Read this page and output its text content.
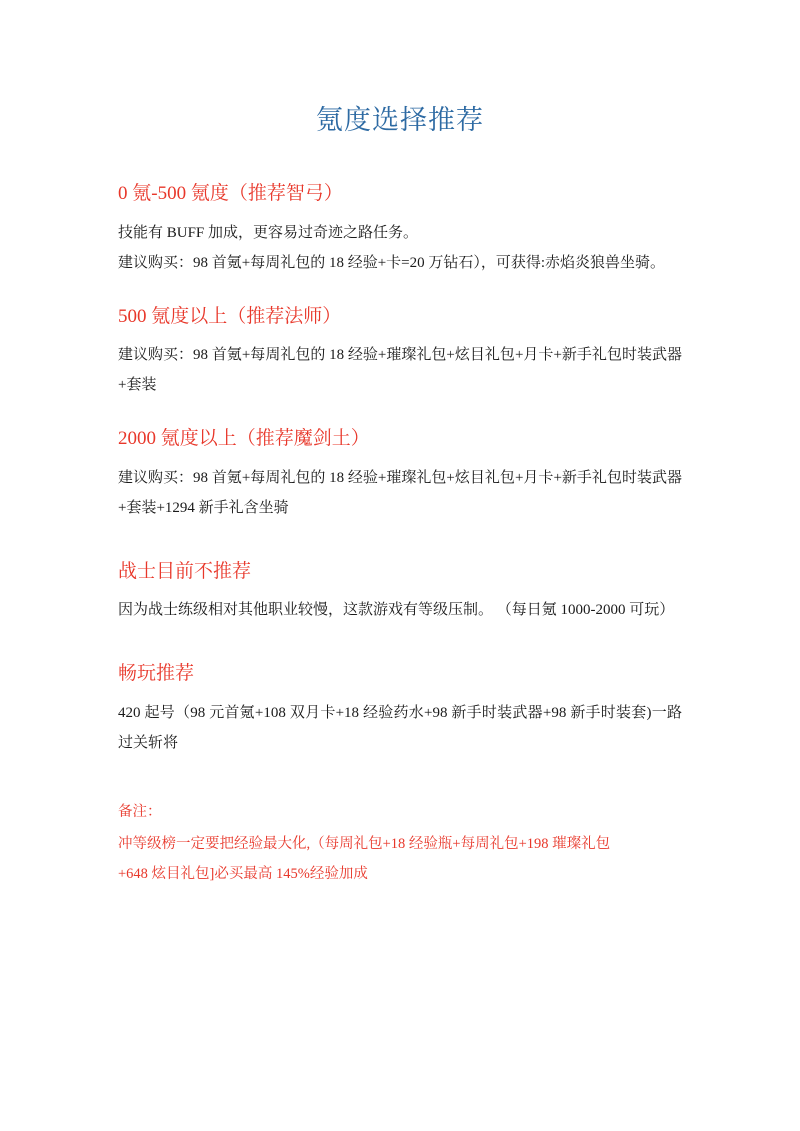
氪度选择推荐
0 氪-500 氪度（推荐智弓）

技能有 BUFF 加成，更容易过奇迹之路任务。

建议购买：98 首氪+每周礼包的 18 经验+卡=20 万钻石），可获得:赤焰炎狼兽坐骑。

500 氪度以上（推荐法师）

建议购买：98 首氪+每周礼包的 18 经验+璀璨礼包+炫目礼包+月卡+新手礼包时装武器+套装

2000 氪度以上（推荐魔剑土）

建议购买：98 首氪+每周礼包的 18 经验+璀璨礼包+炫目礼包+月卡+新手礼包时装武器+套装+1294 新手礼含坐骑

战士目前不推荐

因为战士练级相对其他职业较慢，这款游戏有等级压制。 （每日氪 1000-2000 可玩）

畅玩推荐

420 起号（98 元首氪+108 双月卡+18 经验药水+98 新手时装武器+98 新手时装套)一路过关斩将

备注：

冲等级榜一定要把经验最大化,（每周礼包+18 经验瓶+每周礼包+198 璀璨礼包

+648 炫目礼包]必买最高 145%经验加成
